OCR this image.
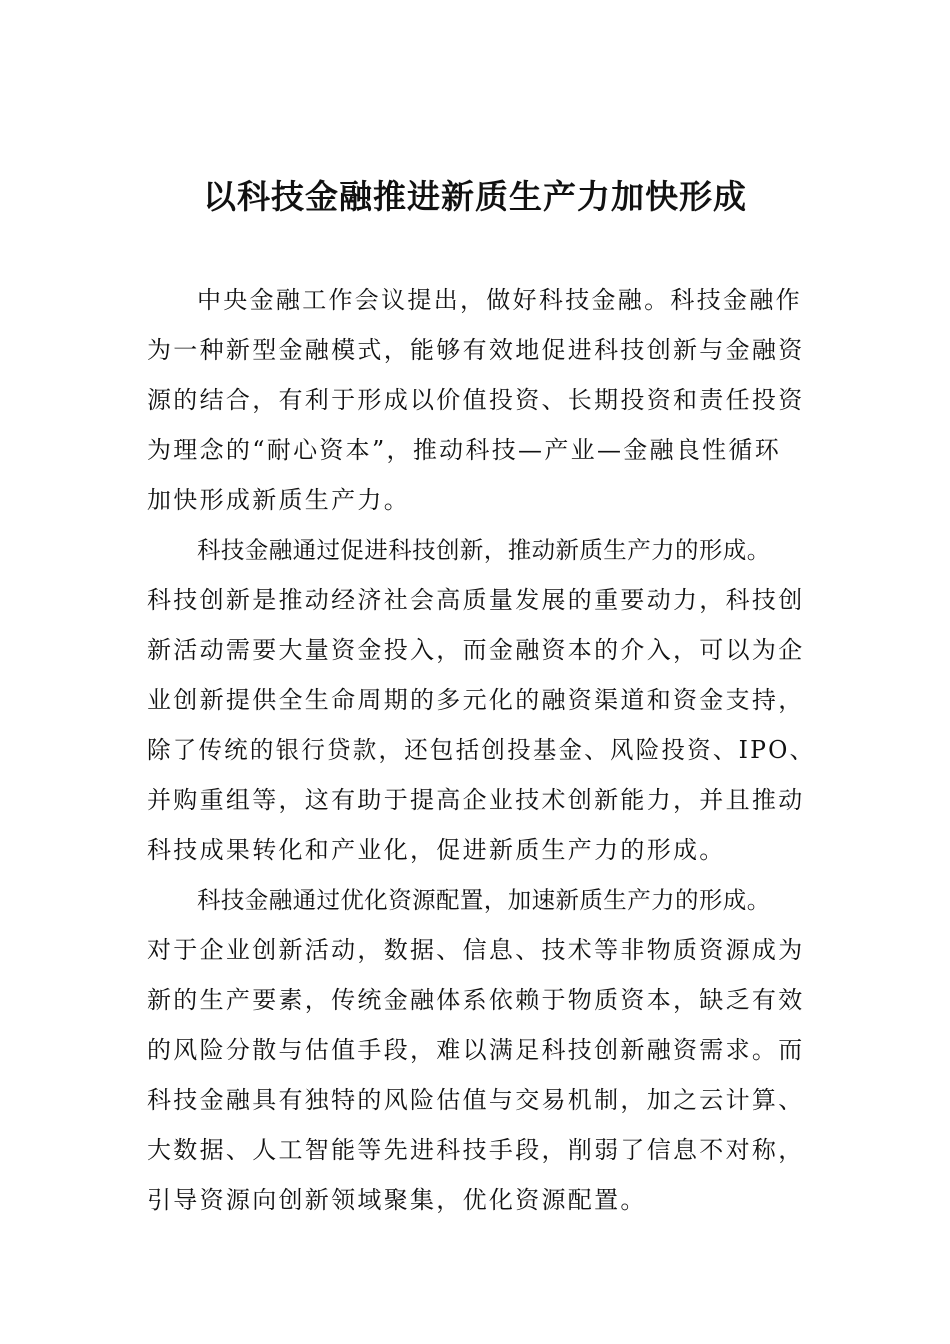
以科技金融推进新质生产力加快形成
中央金融工作会议提出，做好科技金融。科技金融作
为一种新型金融模式，能够有效地促进科技创新与金融资
源的结合，有利于形成以价值投资、长期投资和责任投资
为理念的“耐心资本”，推动科技—产业—金融良性循环
加快形成新质生产力。
科技金融通过促进科技创新，推动新质生产力的形成。
科技创新是推动经济社会高质量发展的重要动力，科技创
新活动需要大量资金投入，而金融资本的介入，可以为企
业创新提供全生命周期的多元化的融资渠道和资金支持，
除了传统的银行贷款，还包括创投基金、风险投资、IPO、
并购重组等，这有助于提高企业技术创新能力，并且推动
科技成果转化和产业化，促进新质生产力的形成。
科技金融通过优化资源配置，加速新质生产力的形成。
对于企业创新活动，数据、信息、技术等非物质资源成为
新的生产要素，传统金融体系依赖于物质资本，缺乏有效
的风险分散与估值手段，难以满足科技创新融资需求。而
科技金融具有独特的风险估值与交易机制，加之云计算、
大数据、人工智能等先进科技手段，削弱了信息不对称，
引导资源向创新领域聚集，优化资源配置。
